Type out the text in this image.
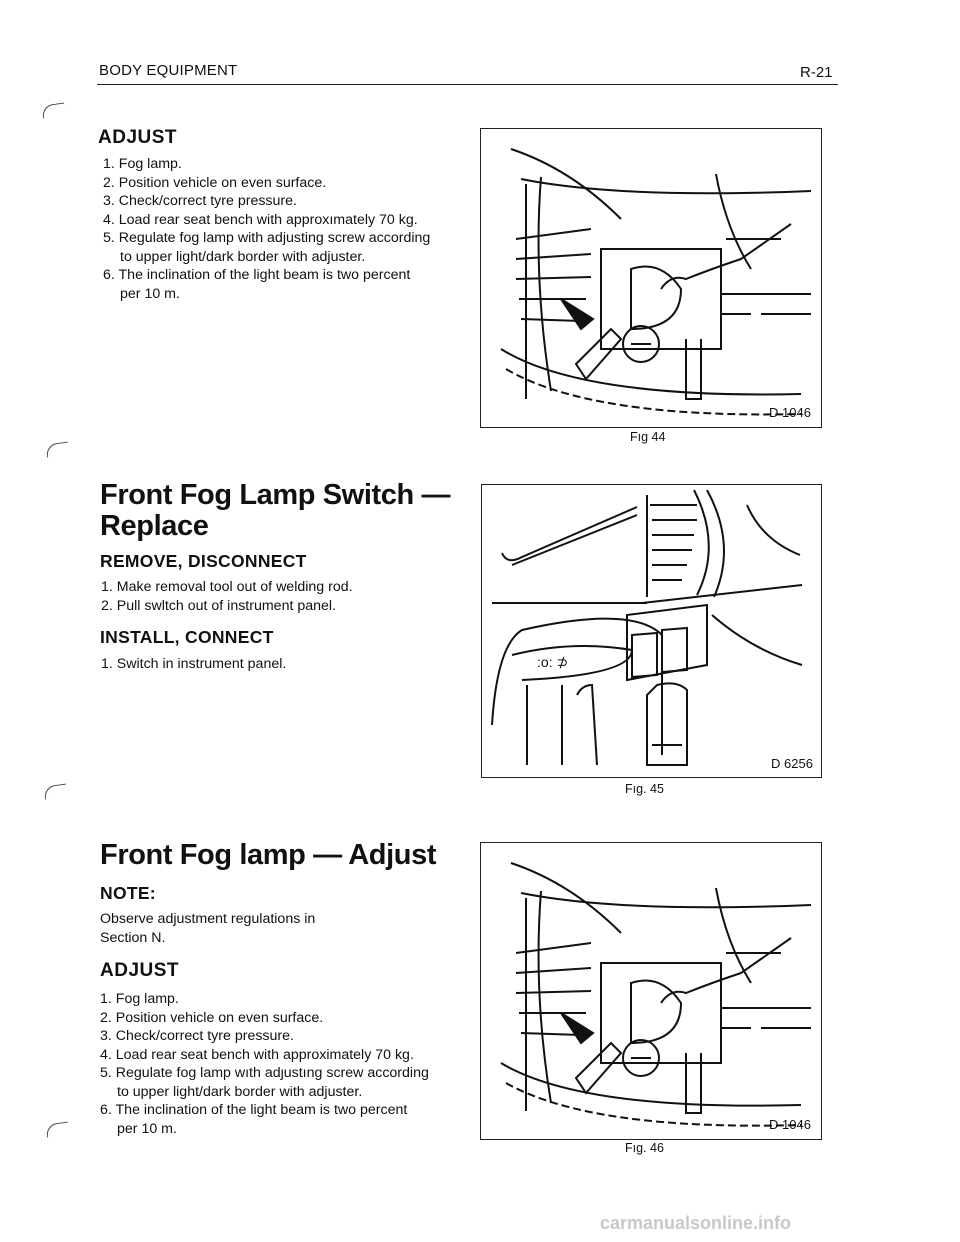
BODY EQUIPMENT	R-21
ADJUST
1. Fog lamp.
2. Position vehicle on even surface.
3. Check/correct tyre pressure.
4. Load rear seat bench with approxımately 70 kg.
5. Regulate fog lamp with adjusting screw according to upper light/dark border with adjuster.
6. The inclination of the light beam is two percent per 10 m.
Front Fog Lamp Switch —
Replace
REMOVE, DISCONNECT
1. Make removal tool out of welding rod.
2. Pull swltch out of instrument panel.
INSTALL, CONNECT
1. Switch in instrument panel.
Front Fog lamp — Adjust
NOTE:
Observe adjustment regulations in Section N.
ADJUST
1. Fog lamp.
2. Position vehicle on even surface.
3. Check/correct tyre pressure.
4. Load rear seat bench with approximately 70 kg.
5. Regulate fog lamp wıth adȷustıng screw according to upper light/dark border with adjuster.
6. The inclination of the light beam is two percent per 10 m.
D 1046
Fıg 44
:o: ⊅
D 6256
Fıg. 45
D 1046
Fıg. 46
carmanualsonline.info
